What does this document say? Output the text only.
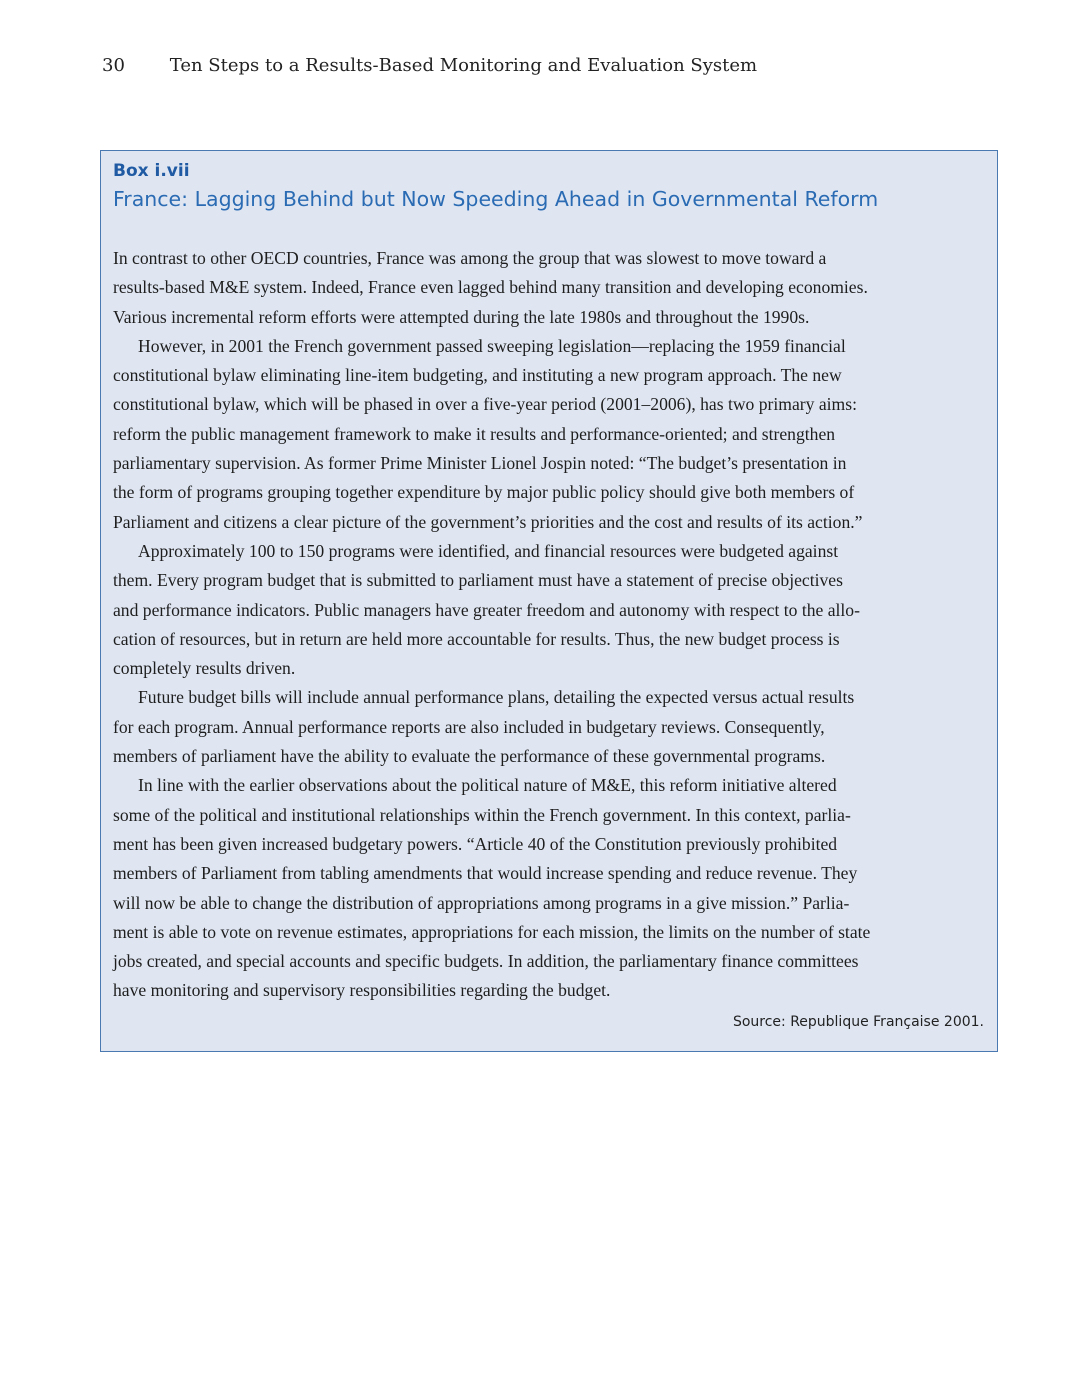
30 Ten Steps to a Results-Based Monitoring and Evaluation System
Box i.vii
France: Lagging Behind but Now Speeding Ahead in Governmental Reform
In contrast to other OECD countries, France was among the group that was slowest to move toward a
results-based M&E system. Indeed, France even lagged behind many transition and developing economies.
Various incremental reform efforts were attempted during the late 1980s and throughout the 1990s.
However, in 2001 the French government passed sweeping legislation—replacing the 1959 financial
constitutional bylaw eliminating line-item budgeting, and instituting a new program approach. The new
constitutional bylaw, which will be phased in over a five-year period (2001–2006), has two primary aims:
reform the public management framework to make it results and performance-oriented; and strengthen
parliamentary supervision. As former Prime Minister Lionel Jospin noted: “The budget’s presentation in
the form of programs grouping together expenditure by major public policy should give both members of
Parliament and citizens a clear picture of the government’s priorities and the cost and results of its action.”
Approximately 100 to 150 programs were identified, and financial resources were budgeted against
them. Every program budget that is submitted to parliament must have a statement of precise objectives
and performance indicators. Public managers have greater freedom and autonomy with respect to the allo-
cation of resources, but in return are held more accountable for results. Thus, the new budget process is
completely results driven.
Future budget bills will include annual performance plans, detailing the expected versus actual results
for each program. Annual performance reports are also included in budgetary reviews. Consequently,
members of parliament have the ability to evaluate the performance of these governmental programs.
In line with the earlier observations about the political nature of M&E, this reform initiative altered
some of the political and institutional relationships within the French government. In this context, parlia-
ment has been given increased budgetary powers. “Article 40 of the Constitution previously prohibited
members of Parliament from tabling amendments that would increase spending and reduce revenue. They
will now be able to change the distribution of appropriations among programs in a give mission.” Parlia-
ment is able to vote on revenue estimates, appropriations for each mission, the limits on the number of state
jobs created, and special accounts and specific budgets. In addition, the parliamentary finance committees
have monitoring and supervisory responsibilities regarding the budget.
Source: Republique Française 2001.
